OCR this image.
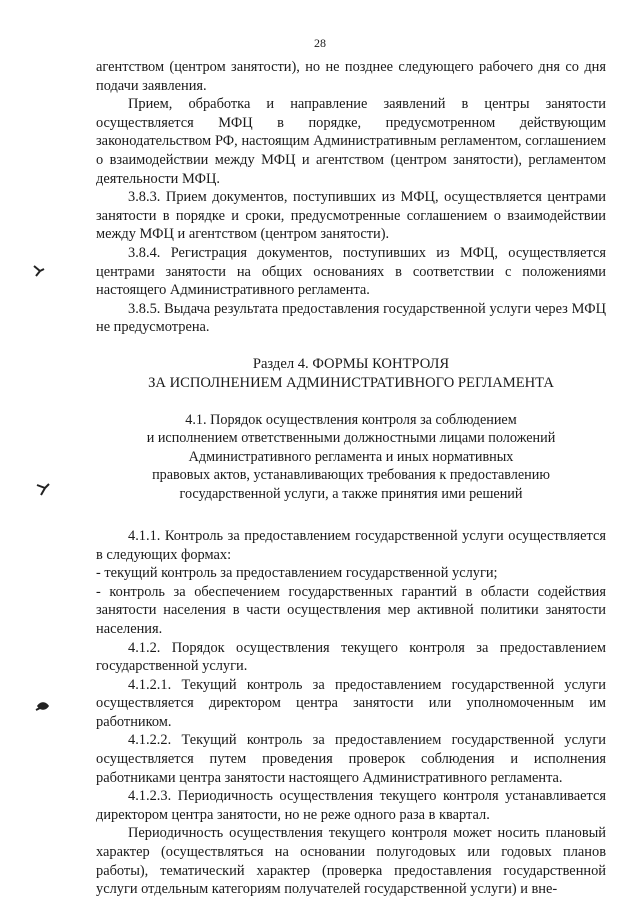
28

агентством (центром занятости), но не позднее следующего рабочего дня со дня подачи заявления.

Прием, обработка и направление заявлений в центры занятости осуществляется МФЦ в порядке, предусмотренном действующим законодательством РФ, настоящим Административным регламентом, соглашением о взаимодействии между МФЦ и агентством (центром занятости), регламентом деятельности МФЦ.

3.8.3. Прием документов, поступивших из МФЦ, осуществляется центрами занятости в порядке и сроки, предусмотренные соглашением о взаимодействии между МФЦ и агентством (центром занятости).

3.8.4. Регистрация документов, поступивших из МФЦ, осуществляется центрами занятости на общих основаниях в соответствии с положениями настоящего Административного регламента.

3.8.5. Выдача результата предоставления государственной услуги через МФЦ не предусмотрена.

Раздел 4. ФОРМЫ КОНТРОЛЯ

ЗА ИСПОЛНЕНИЕМ АДМИНИСТРАТИВНОГО РЕГЛАМЕНТА

4.1. Порядок осуществления контроля за соблюдением

и исполнением ответственными должностными лицами положений

Административного регламента и иных нормативных

правовых актов, устанавливающих требования к предоставлению

государственной услуги, а также принятия ими решений

4.1.1. Контроль за предоставлением государственной услуги осуществляется в следующих формах:

- текущий контроль за предоставлением государственной услуги;

- контроль за обеспечением государственных гарантий в области содействия занятости населения в части осуществления мер активной политики занятости населения.

4.1.2. Порядок осуществления текущего контроля за предоставлением государственной услуги.

4.1.2.1. Текущий контроль за предоставлением государственной услуги осуществляется директором центра занятости или уполномоченным им работником.

4.1.2.2. Текущий контроль за предоставлением государственной услуги осуществляется путем проведения проверок соблюдения и исполнения работниками центра занятости настоящего Административного регламента.

4.1.2.3. Периодичность осуществления текущего контроля устанавливается директором центра занятости, но не реже одного раза в квартал.

Периодичность осуществления текущего контроля может носить плановый характер (осуществляться на основании полугодовых или годовых планов работы), тематический характер (проверка предоставления государственной услуги отдельным категориям получателей государственной услуги) и вне-
